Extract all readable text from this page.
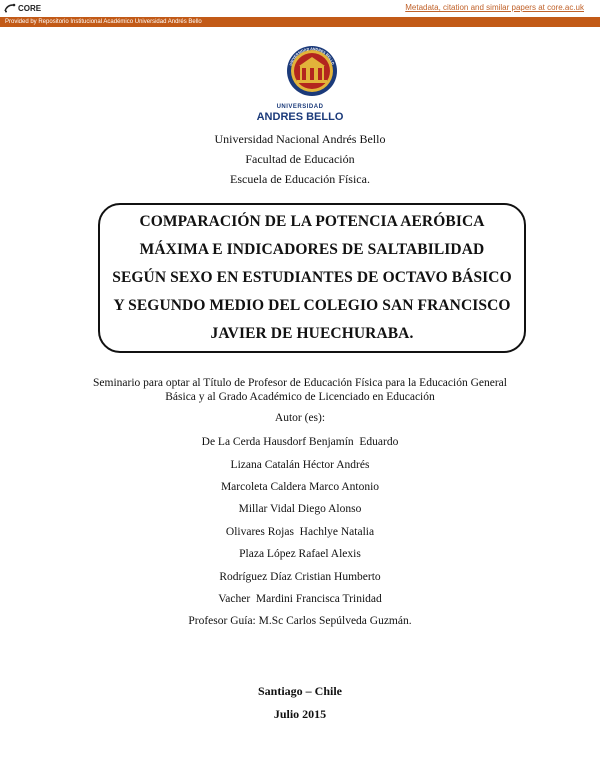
CORE	Metadata, citation and similar papers at core.ac.uk
Provided by Repositorio Institucional Académico Universidad Andrés Bello
UNIVERSIDAD ANDRES BELLO
UNIVERSIDAD
ANDRES BELLO
Universidad Nacional Andrés Bello
Facultad de Educación
Escuela de Educación Física.
COMPARACIÓN DE LA POTENCIA AERÓBICA MÁXIMA E INDICADORES DE SALTABILIDAD SEGÚN SEXO EN ESTUDIANTES DE OCTAVO BÁSICO Y SEGUNDO MEDIO DEL COLEGIO SAN FRANCISCO JAVIER DE HUECHURABA.
Seminario para optar al Título de Profesor de Educación Física para la Educación General Básica y al Grado Académico de Licenciado en Educación
Autor (es):
De La Cerda Hausdorf Benjamín  Eduardo
Lizana Catalán Héctor Andrés
Marcoleta Caldera Marco Antonio
Millar Vidal Diego Alonso
Olivares Rojas  Hachlye Natalia
Plaza López Rafael Alexis
Rodríguez Díaz Cristian Humberto
Vacher  Mardini Francisca Trinidad
Profesor Guía: M.Sc Carlos Sepúlveda Guzmán.
Santiago – Chile
Julio 2015
